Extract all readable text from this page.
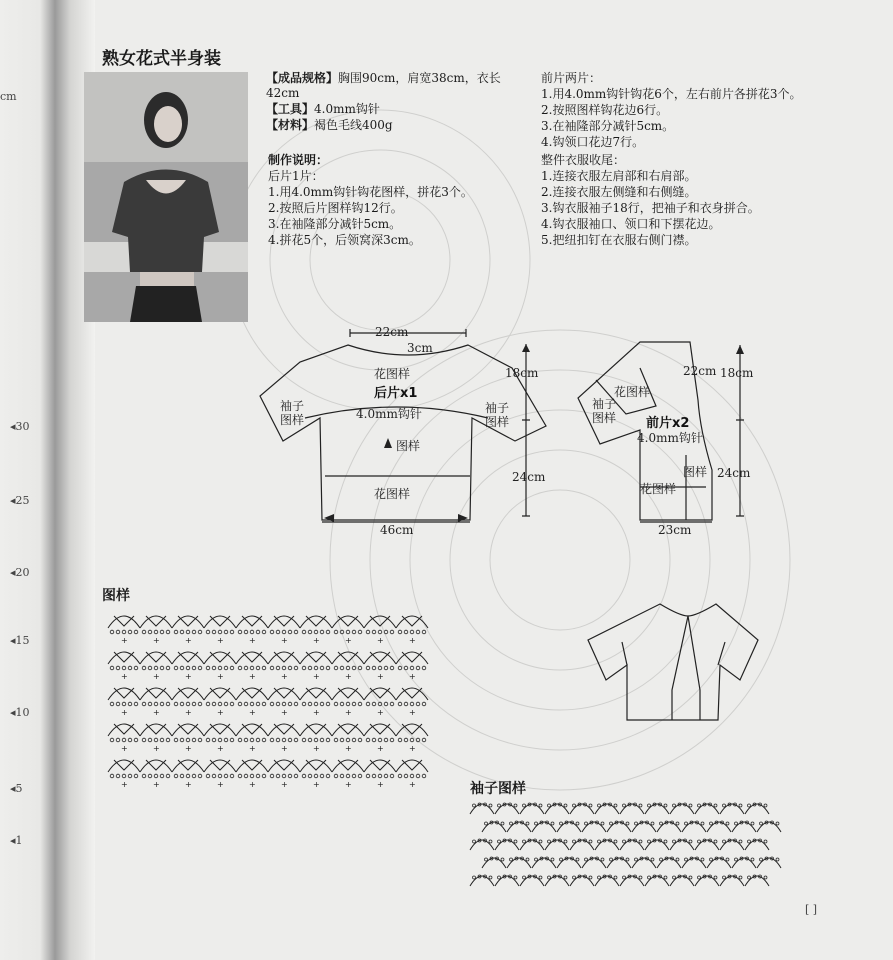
cm
◂30
◂25
◂20
◂15
◂10
◂5
◂1
熟女花式半身装
【成品规格】胸围90cm，肩宽38cm，衣长
42cm
【工具】4.0mm钩针
【材料】褐色毛线400g
制作说明：
后片1片：
1.用4.0mm钩针钩花图样，拼花3个。
2.按照后片图样钩12行。
3.在袖隆部分减针5cm。
4.拼花5个，后领窝深3cm。
前片两片：
1.用4.0mm钩针钩花6个，左右前片各拼花3个。
2.按照图样钩花边6行。
3.在袖隆部分减针5cm。
4.钩领口花边7行。
整件衣服收尾：
1.连接衣服左肩部和右肩部。
2.连接衣服左侧缝和右侧缝。
3.钩衣服袖子18行，把袖子和衣身拼合。
4.钩衣服袖口、领口和下摆花边。
5.把纽扣钉在衣服右侧门襟。
22cm
3cm
18cm
24cm
46cm
花图样
后片x1
4.0mm钩针
袖子图样
袖子图样
图样
花图样
22cm 18cm
24cm
23cm
花图样
前片x2
4.0mm钩针
袖子图样
图样
花图样
图样
袖子图样
+	+	+	+	+	+	+	+	+	+
+	+	+	+	+	+	+	+	+	+
+	+	+	+	+	+	+	+	+	+
+	+	+	+	+	+	+	+	+	+
+	+	+	+	+	+	+	+	+	+
[ ]
